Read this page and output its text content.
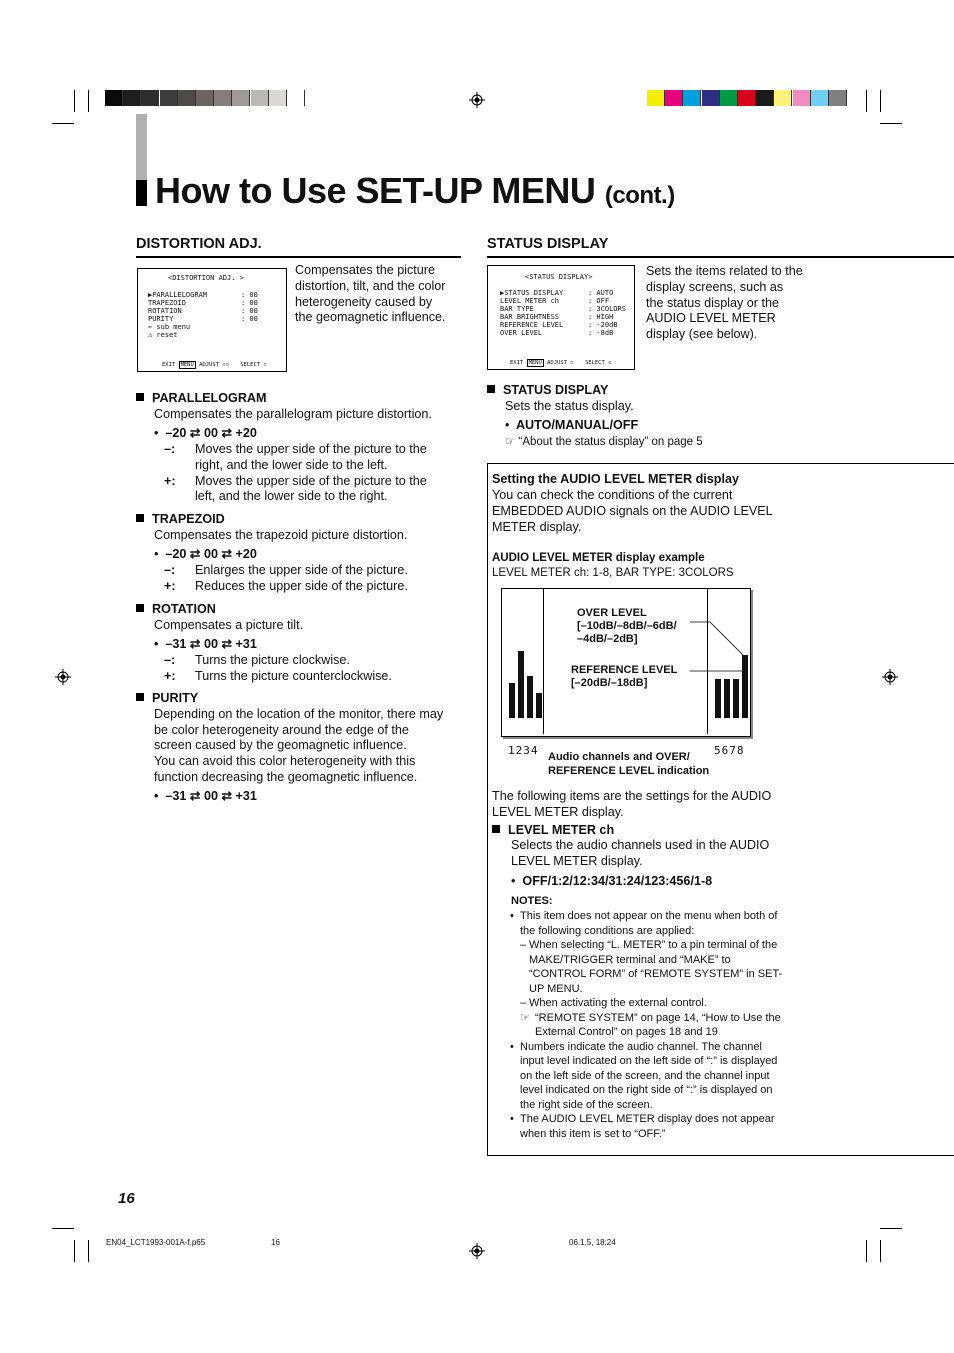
How to Use SET-UP MENU (cont.)
DISTORTION ADJ.
<DISTORTION ADJ. >
▶PARALLELOGRAM	: 00
TRAPEZOID	: 00
ROTATION	: 00
PURITY	: 00
⇐ sub menu
⚠ reset
EXIT MENU ADJUST ▫▫ SELECT ▫
Compensates the picture
distortion, tilt, and the color
heterogeneity caused by
the geomagnetic influence.
PARALLELOGRAM
Compensates the parallelogram picture distortion.
• –20 ⇄ 00 ⇄ +20
–: Moves the upper side of the picture to the
right, and the lower side to the left.
+: Moves the upper side of the picture to the
left, and the lower side to the right.
TRAPEZOID
Compensates the trapezoid picture distortion.
• –20 ⇄ 00 ⇄ +20
–: Enlarges the upper side of the picture.
+: Reduces the upper side of the picture.
ROTATION
Compensates a picture tilt.
• –31 ⇄ 00 ⇄ +31
–: Turns the picture clockwise.
+: Turns the picture counterclockwise.
PURITY
Depending on the location of the monitor, there may
be color heterogeneity around the edge of the
screen caused by the geomagnetic influence.
You can avoid this color heterogeneity with this
function decreasing the geomagnetic influence.
• –31 ⇄ 00 ⇄ +31
STATUS DISPLAY
<STATUS DISPLAY>
▶STATUS DISPLAY	: AUTO
LEVEL METER ch	: OFF
BAR TYPE	: 3COLORS
BAR BRIGHTNESS	: HIGH
REFERENCE LEVEL	: -20dB
OVER LEVEL	: -8dB
EXIT MENU ADJUST ▫ SELECT ▫
Sets the items related to the
display screens, such as
the status display or the
AUDIO LEVEL METER
display (see below).
STATUS DISPLAY
Sets the status display.
• AUTO/MANUAL/OFF
☞ “About the status display” on page 5
Setting the AUDIO LEVEL METER display
You can check the conditions of the current
EMBEDDED AUDIO signals on the AUDIO LEVEL
METER display.
AUDIO LEVEL METER display example
LEVEL METER ch: 1-8, BAR TYPE: 3COLORS
OVER LEVEL
[–10dB/–8dB/–6dB/
–4dB/–2dB]
REFERENCE LEVEL
[–20dB/–18dB]
1234	5678
Audio channels and OVER/
REFERENCE LEVEL indication
The following items are the settings for the AUDIO
LEVEL METER display.
LEVEL METER ch
Selects the audio channels used in the AUDIO
LEVEL METER display.
• OFF/1:2/12:34/31:24/123:456/1-8
NOTES:
• This item does not appear on the menu when both of
the following conditions are applied:
– When selecting “L. METER” to a pin terminal of the
MAKE/TRIGGER terminal and “MAKE” to
“CONTROL FORM” of “REMOTE SYSTEM” in SET-
UP MENU.
– When activating the external control.
☞ “REMOTE SYSTEM” on page 14, “How to Use the
External Control” on pages 18 and 19
• Numbers indicate the audio channel. The channel
input level indicated on the left side of “:” is displayed
on the left side of the screen, and the channel input
level indicated on the right side of “:” is displayed on
the right side of the screen.
• The AUDIO LEVEL METER display does not appear
when this item is set to “OFF.”
16
EN04_LCT1993-001A-f.p65	16	06.1.5, 18:24
